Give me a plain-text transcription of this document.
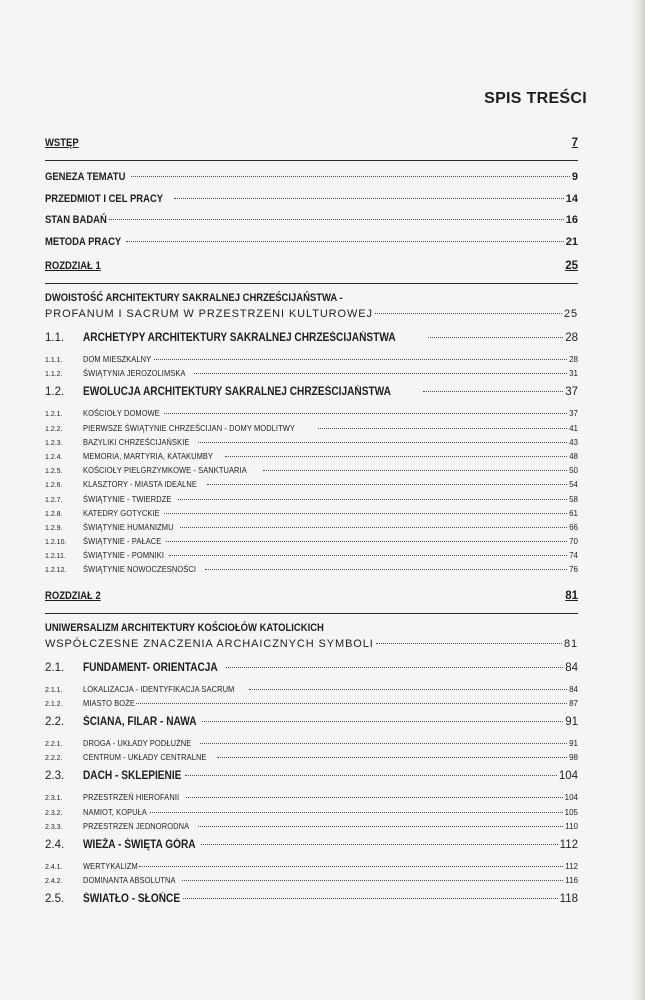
SPIS TREŚCI
WSTĘP	7
GENEZA TEMATU	9
PRZEDMIOT I CEL PRACY	14
STAN BADAŃ	16
METODA PRACY	21
ROZDZIAŁ 1	25
DWOISTOŚĆ ARCHITEKTURY SAKRALNEJ CHRZEŚCIJAŃSTWA -
PROFANUM I SACRUM W PRZESTRZENI KULTUROWEJ	25
1.1.	ARCHETYPY ARCHITEKTURY SAKRALNEJ CHRZEŚCIJAŃSTWA	28
1.1.1.	DOM MIESZKALNY	28
1.1.2.	ŚWIĄTYNIA JEROZOLIMSKA	31
1.2.	EWOLUCJA ARCHITEKTURY SAKRALNEJ CHRZEŚCIJAŃSTWA	37
1.2.1.	KOŚCIOŁY DOMOWE	37
1.2.2.	PIERWSZE ŚWIĄTYNIE CHRZEŚCIJAN - DOMY MODLITWY	41
1.2.3.	BAZYLIKI CHRZEŚCIJAŃSKIE	43
1.2.4.	MEMORIA, MARTYRIA, KATAKUMBY	48
1.2.5.	KOŚCIOŁY PIELGRZYMKOWE - SANKTUARIA	50
1.2.6.	KLASZTORY - MIASTA IDEALNE	54
1.2.7.	ŚWIĄTYNIE - TWIERDZE	58
1.2.8.	KATEDRY GOTYCKIE	61
1.2.9.	ŚWIĄTYNIE HUMANIZMU	66
1.2.10.	ŚWIĄTYNIE - PAŁACE	70
1.2.11.	ŚWIĄTYNIE - POMNIKI	74
1.2.12.	ŚWIĄTYNIE NOWOCZESNOŚCI	76
ROZDZIAŁ 2	81
UNIWERSALIZM ARCHITEKTURY KOŚCIOŁÓW KATOLICKICH
WSPÓŁCZESNE ZNACZENIA ARCHAICZNYCH SYMBOLI	81
2.1.	FUNDAMENT- ORIENTACJA	84
2.1.1.	LOKALIZACJA - IDENTYFIKACJA SACRUM	84
2.1.2.	MIASTO BOŻE	87
2.2.	ŚCIANA, FILAR - NAWA	91
2.2.1.	DROGA - UKŁADY PODŁUŻNE	91
2.2.2.	CENTRUM - UKŁADY CENTRALNE	98
2.3.	DACH - SKLEPIENIE	104
2.3.1.	PRZESTRZEŃ HIEROFANII	104
2.3.2.	NAMIOT, KOPUŁA	105
2.3.3.	PRZESTRZEŃ JEDNORODNA	110
2.4.	WIEŻA - ŚWIĘTA GÓRA	112
2.4.1.	WERTYKALIZM	112
2.4.2.	DOMINANTA ABSOLUTNA	116
2.5.	ŚWIATŁO - SŁOŃCE	118
